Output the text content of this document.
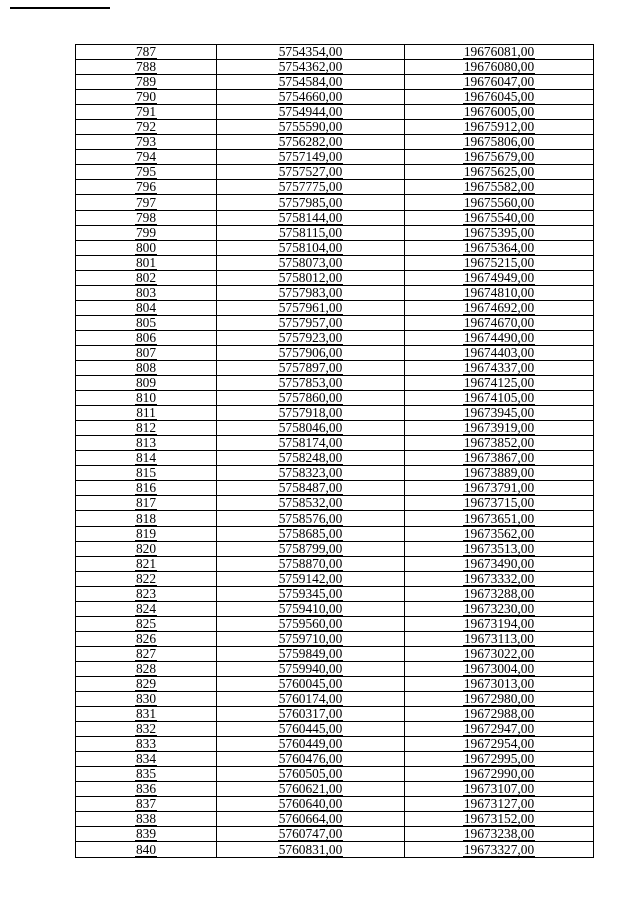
787	5754354,00	19676081,00
788	5754362,00	19676080,00
789	5754584,00	19676047,00
790	5754660,00	19676045,00
791	5754944,00	19676005,00
792	5755590,00	19675912,00
793	5756282,00	19675806,00
794	5757149,00	19675679,00
795	5757527,00	19675625,00
796	5757775,00	19675582,00
797	5757985,00	19675560,00
798	5758144,00	19675540,00
799	5758115,00	19675395,00
800	5758104,00	19675364,00
801	5758073,00	19675215,00
802	5758012,00	19674949,00
803	5757983,00	19674810,00
804	5757961,00	19674692,00
805	5757957,00	19674670,00
806	5757923,00	19674490,00
807	5757906,00	19674403,00
808	5757897,00	19674337,00
809	5757853,00	19674125,00
810	5757860,00	19674105,00
811	5757918,00	19673945,00
812	5758046,00	19673919,00
813	5758174,00	19673852,00
814	5758248,00	19673867,00
815	5758323,00	19673889,00
816	5758487,00	19673791,00
817	5758532,00	19673715,00
818	5758576,00	19673651,00
819	5758685,00	19673562,00
820	5758799,00	19673513,00
821	5758870,00	19673490,00
822	5759142,00	19673332,00
823	5759345,00	19673288,00
824	5759410,00	19673230,00
825	5759560,00	19673194,00
826	5759710,00	19673113,00
827	5759849,00	19673022,00
828	5759940,00	19673004,00
829	5760045,00	19673013,00
830	5760174,00	19672980,00
831	5760317,00	19672988,00
832	5760445,00	19672947,00
833	5760449,00	19672954,00
834	5760476,00	19672995,00
835	5760505,00	19672990,00
836	5760621,00	19673107,00
837	5760640,00	19673127,00
838	5760664,00	19673152,00
839	5760747,00	19673238,00
840	5760831,00	19673327,00
